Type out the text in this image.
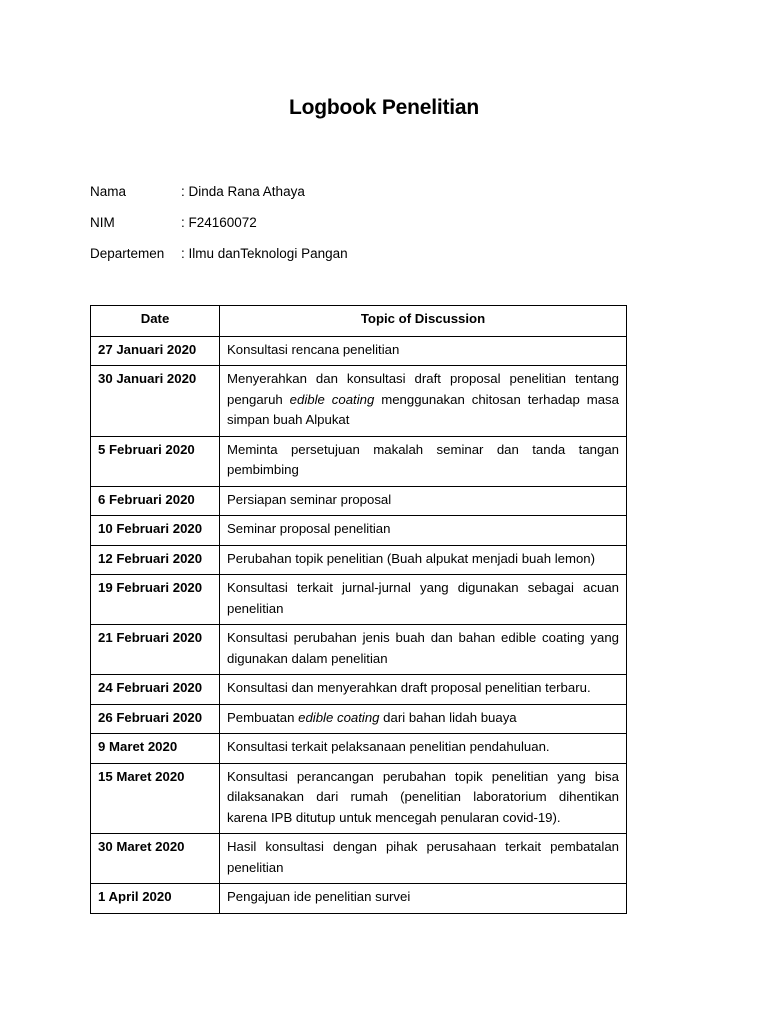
Logbook Penelitian
Nama	: Dinda Rana Athaya
NIM	: F24160072
Departemen : Ilmu danTeknologi Pangan
Date	Topic of Discussion
27 Januari 2020	Konsultasi rencana penelitian
30 Januari 2020	Menyerahkan dan konsultasi draft proposal penelitian tentang pengaruh edible coating menggunakan chitosan terhadap masa simpan buah Alpukat
5 Februari 2020	Meminta persetujuan makalah seminar dan tanda tangan pembimbing
6 Februari 2020	Persiapan seminar proposal
10 Februari 2020	Seminar proposal penelitian
12 Februari 2020	Perubahan topik penelitian (Buah alpukat menjadi buah lemon)
19 Februari 2020	Konsultasi terkait jurnal-jurnal yang digunakan sebagai acuan penelitian
21 Februari 2020	Konsultasi perubahan jenis buah dan bahan edible coating yang digunakan dalam penelitian
24 Februari 2020	Konsultasi dan menyerahkan draft proposal penelitian terbaru.
26 Februari 2020	Pembuatan edible coating dari bahan lidah buaya
9 Maret 2020	Konsultasi terkait pelaksanaan penelitian pendahuluan.
15 Maret 2020	Konsultasi perancangan perubahan topik penelitian yang bisa dilaksanakan dari rumah (penelitian laboratorium dihentikan karena IPB ditutup untuk mencegah penularan covid-19).
30 Maret 2020	Hasil konsultasi dengan pihak perusahaan terkait pembatalan penelitian
1 April 2020	Pengajuan ide penelitian survei
